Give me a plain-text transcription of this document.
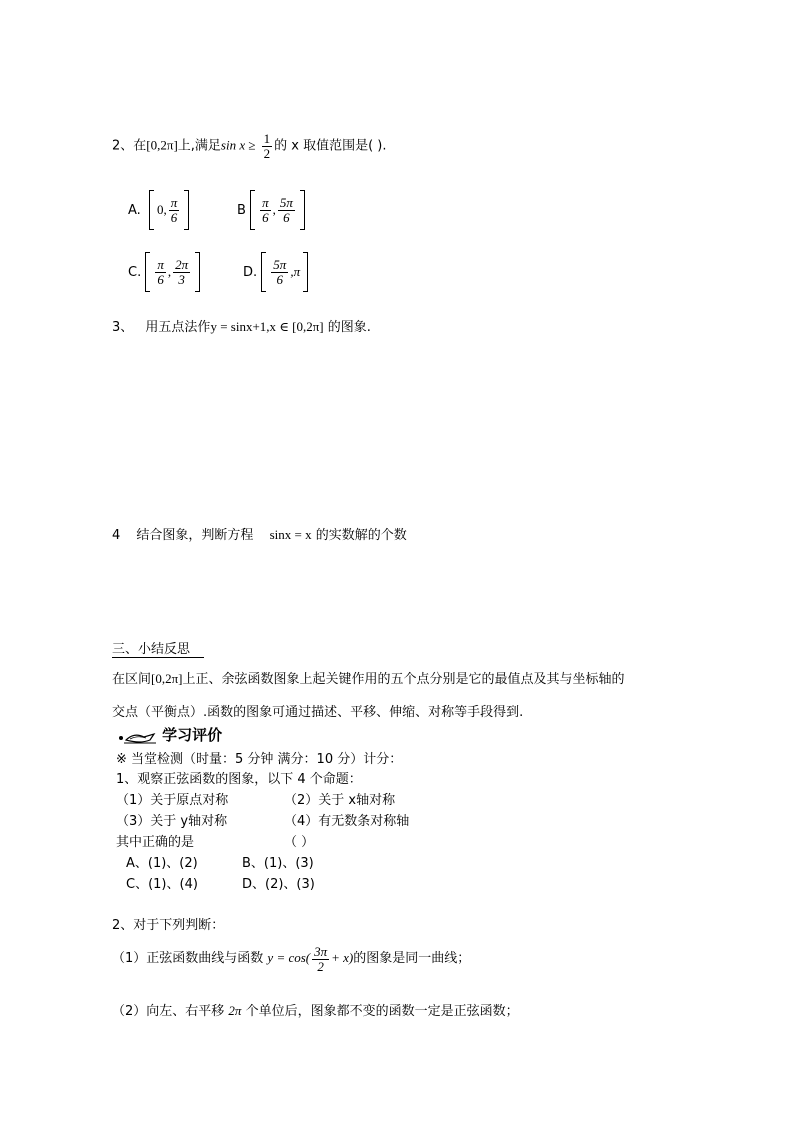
2、在[0,2π]上,满足$\sin x \ge \frac{1}{2}$ 的 x 取值范围是( ).
A. 0, $\frac{\pi}{6}$	B $\frac{\pi}{6}$ , $\frac{5\pi}{6}$
C. $\frac{\pi}{6}$ , $\frac{2\pi}{3}$	D. $\frac{5\pi}{6} ,\pi$
3、 用五点法作y = sinx+1,x ∈ [0,2π] 的图象.
4 结合图象，判断方程 sinx = x 的实数解的个数
三、小结反思
在区间[0,2π]上正、余弦函数图象上起关键作用的五个点分别是它的最值点及其与坐标轴的
交点（平衡点）.函数的图象可通过描述、平移、伸缩、对称等手段得到.
学习评价
※ 当堂检测（时量：5 分钟 满分：10 分）计分：
1、观察正弦函数的图象，以下 4 个命题：
（1）关于原点对称	（2）关于 x轴对称
（3）关于 y轴对称	（4）有无数条对称轴
其中正确的是	（ ）
A、(1)、(2)	B、(1)、(3)
C、(1)、(4)	D、(2)、(3)
2、对于下列判断：
（1）正弦函数曲线与函数 $y = \cos( \frac{3\pi}{2} + x)$的图象是同一曲线；
（2）向左、右平移 2π 个单位后，图象都不变的函数一定是正弦函数；
